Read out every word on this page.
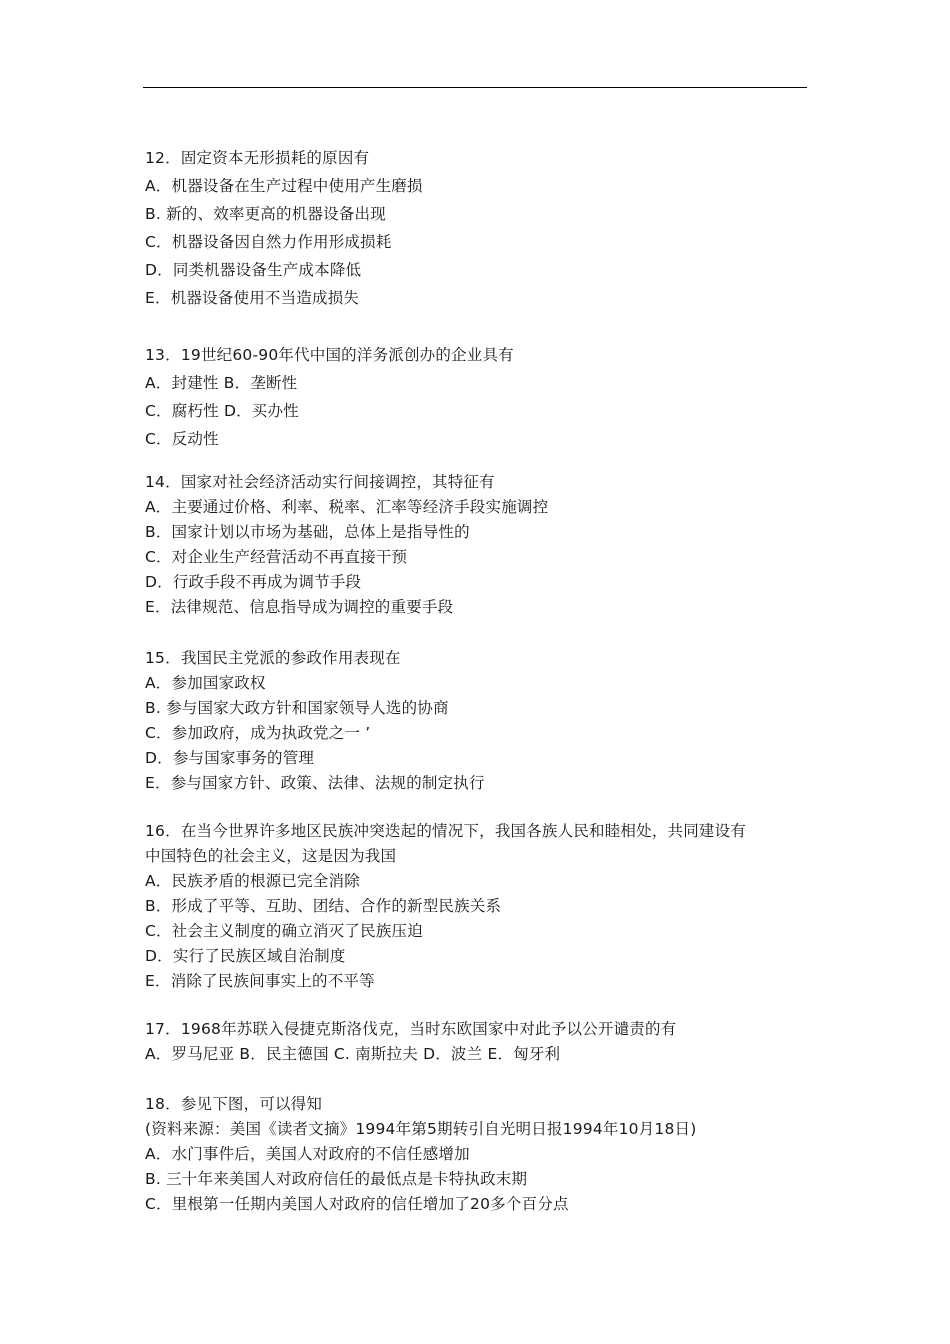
12．固定资本无形损耗的原因有
A．机器设备在生产过程中使用产生磨损
B. 新的、效率更高的机器设备出现
C．机器设备因自然力作用形成损耗
D．同类机器设备生产成本降低
E．机器设备使用不当造成损失
13．19世纪60-90年代中国的洋务派创办的企业具有
A．封建性 B．垄断性
C．腐朽性 D．买办性
C．反动性
14．国家对社会经济活动实行间接调控，其特征有
A．主要通过价格、利率、税率、汇率等经济手段实施调控
B．国家计划以市场为基础，总体上是指导性的
C．对企业生产经营活动不再直接干预
D．行政手段不再成为调节手段
E．法律规范、信息指导成为调控的重要手段
15．我国民主党派的参政作用表现在
A．参加国家政权
B. 参与国家大政方针和国家领导人选的协商
C．参加政府，成为执政党之一 ’
D．参与国家事务的管理
E．参与国家方针、政策、法律、法规的制定执行
16．在当今世界许多地区民族冲突迭起的情况下，我国各族人民和睦相处，共同建设有
中国特色的社会主义，这是因为我国
A．民族矛盾的根源已完全消除
B．形成了平等、互助、团结、合作的新型民族关系
C．社会主义制度的确立消灭了民族压迫
D．实行了民族区域自治制度
E．消除了民族间事实上的不平等
17．1968年苏联入侵捷克斯洛伐克，当时东欧国家中对此予以公开谴责的有
A．罗马尼亚 B．民主德国 C. 南斯拉夫 D．波兰 E．匈牙利
18．参见下图，可以得知
(资料来源：美国《读者文摘》1994年第5期转引自光明日报1994年10月18日)
A．水门事件后，美国人对政府的不信任感增加
B. 三十年来美国人对政府信任的最低点是卡特执政末期
C．里根第一任期内美国人对政府的信任增加了20多个百分点
